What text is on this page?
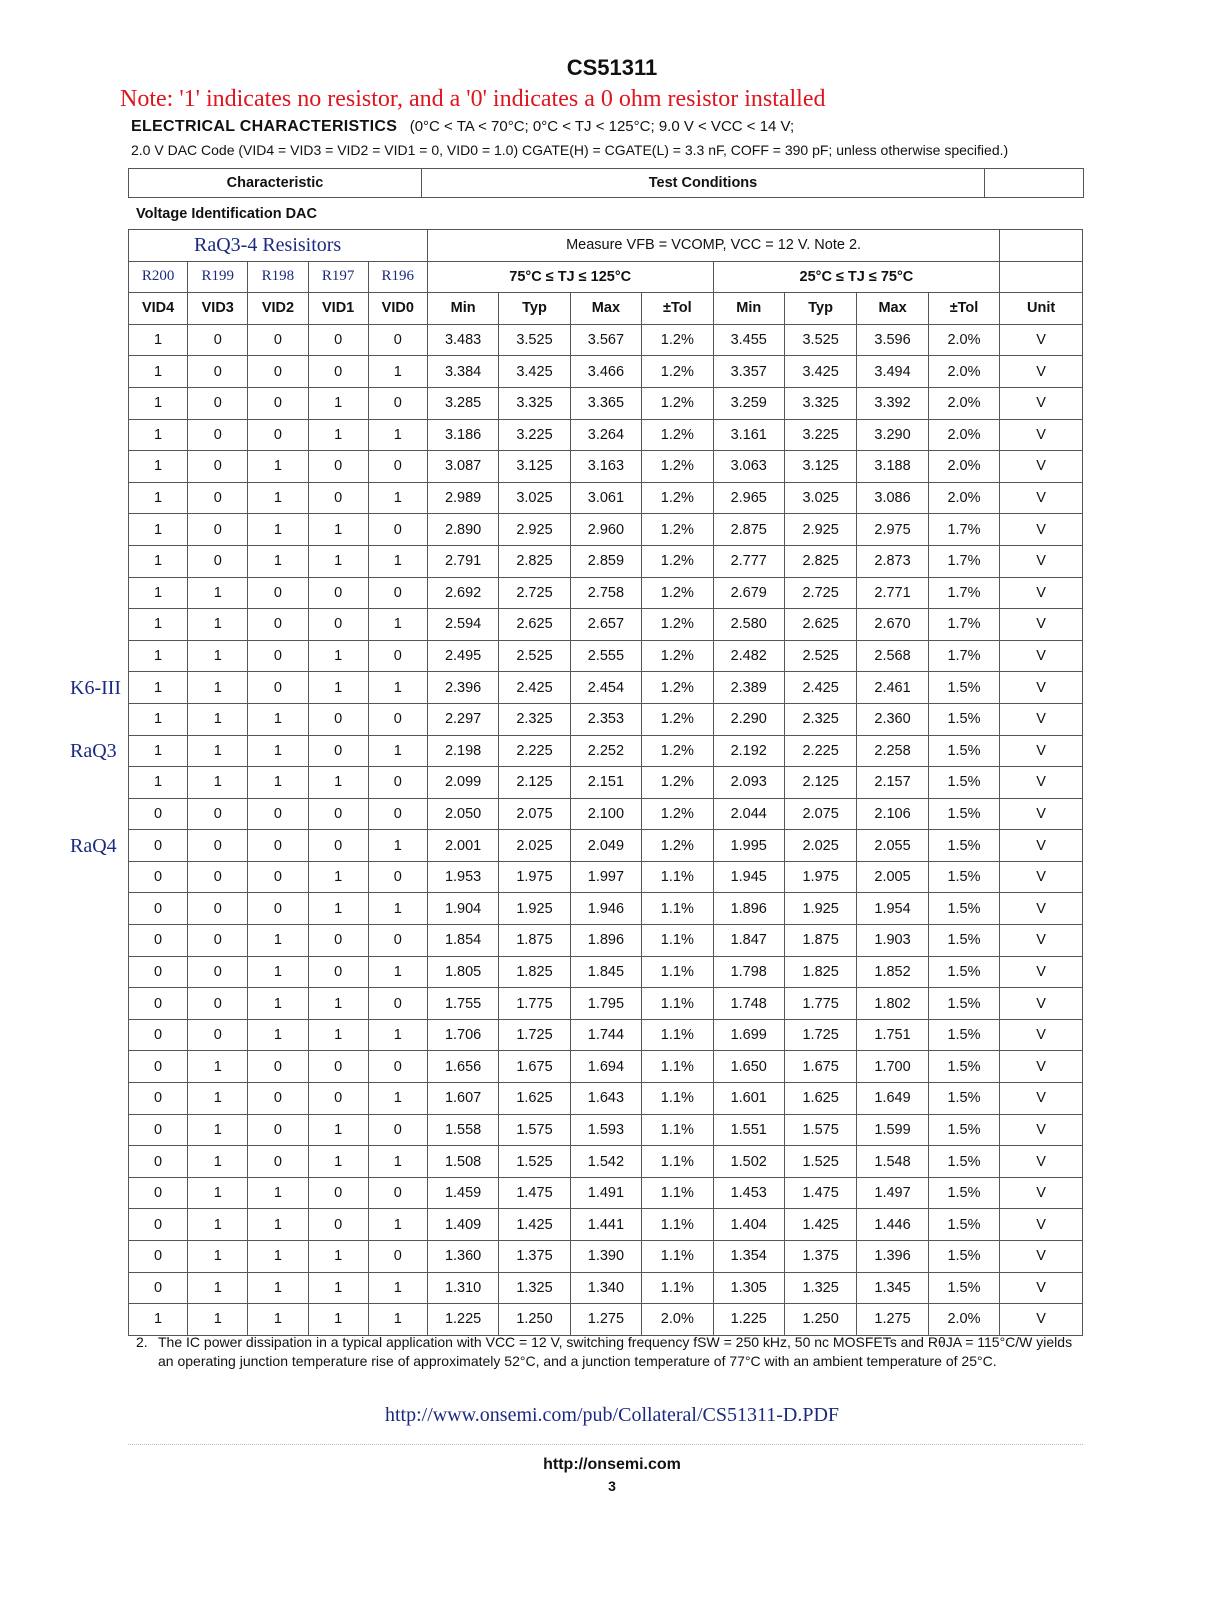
CS51311
Note: '1' indicates no resistor, and a '0' indicates a 0 ohm resistor installed
ELECTRICAL CHARACTERISTICS (0°C < TA < 70°C; 0°C < TJ < 125°C; 9.0 V < VCC < 14 V;
2.0 V DAC Code (VID4 = VID3 = VID2 = VID1 = 0, VID0 = 1.0) CGATE(H) = CGATE(L) = 3.3 nF, COFF = 390 pF; unless otherwise specified.)
Characteristic	Test Conditions	
Voltage Identification DAC
RaQ3-4 Resisitors					Measure VFB = VCOMP, VCC = 12 V. Note 2.								
R200	R199	R198	R197	R196	75°C ≤ TJ ≤ 125°C				25°C ≤ TJ ≤ 75°C				
VID4	VID3	VID2	VID1	VID0	Min	Typ	Max	±Tol	Min	Typ	Max	±Tol	Unit
1	0	0	0	0	3.483	3.525	3.567	1.2%	3.455	3.525	3.596	2.0%	V
1	0	0	0	1	3.384	3.425	3.466	1.2%	3.357	3.425	3.494	2.0%	V
1	0	0	1	0	3.285	3.325	3.365	1.2%	3.259	3.325	3.392	2.0%	V
1	0	0	1	1	3.186	3.225	3.264	1.2%	3.161	3.225	3.290	2.0%	V
1	0	1	0	0	3.087	3.125	3.163	1.2%	3.063	3.125	3.188	2.0%	V
1	0	1	0	1	2.989	3.025	3.061	1.2%	2.965	3.025	3.086	2.0%	V
1	0	1	1	0	2.890	2.925	2.960	1.2%	2.875	2.925	2.975	1.7%	V
1	0	1	1	1	2.791	2.825	2.859	1.2%	2.777	2.825	2.873	1.7%	V
1	1	0	0	0	2.692	2.725	2.758	1.2%	2.679	2.725	2.771	1.7%	V
1	1	0	0	1	2.594	2.625	2.657	1.2%	2.580	2.625	2.670	1.7%	V
1	1	0	1	0	2.495	2.525	2.555	1.2%	2.482	2.525	2.568	1.7%	V
1	1	0	1	1	2.396	2.425	2.454	1.2%	2.389	2.425	2.461	1.5%	V
1	1	1	0	0	2.297	2.325	2.353	1.2%	2.290	2.325	2.360	1.5%	V
1	1	1	0	1	2.198	2.225	2.252	1.2%	2.192	2.225	2.258	1.5%	V
1	1	1	1	0	2.099	2.125	2.151	1.2%	2.093	2.125	2.157	1.5%	V
0	0	0	0	0	2.050	2.075	2.100	1.2%	2.044	2.075	2.106	1.5%	V
0	0	0	0	1	2.001	2.025	2.049	1.2%	1.995	2.025	2.055	1.5%	V
0	0	0	1	0	1.953	1.975	1.997	1.1%	1.945	1.975	2.005	1.5%	V
0	0	0	1	1	1.904	1.925	1.946	1.1%	1.896	1.925	1.954	1.5%	V
0	0	1	0	0	1.854	1.875	1.896	1.1%	1.847	1.875	1.903	1.5%	V
0	0	1	0	1	1.805	1.825	1.845	1.1%	1.798	1.825	1.852	1.5%	V
0	0	1	1	0	1.755	1.775	1.795	1.1%	1.748	1.775	1.802	1.5%	V
0	0	1	1	1	1.706	1.725	1.744	1.1%	1.699	1.725	1.751	1.5%	V
0	1	0	0	0	1.656	1.675	1.694	1.1%	1.650	1.675	1.700	1.5%	V
0	1	0	0	1	1.607	1.625	1.643	1.1%	1.601	1.625	1.649	1.5%	V
0	1	0	1	0	1.558	1.575	1.593	1.1%	1.551	1.575	1.599	1.5%	V
0	1	0	1	1	1.508	1.525	1.542	1.1%	1.502	1.525	1.548	1.5%	V
0	1	1	0	0	1.459	1.475	1.491	1.1%	1.453	1.475	1.497	1.5%	V
0	1	1	0	1	1.409	1.425	1.441	1.1%	1.404	1.425	1.446	1.5%	V
0	1	1	1	0	1.360	1.375	1.390	1.1%	1.354	1.375	1.396	1.5%	V
0	1	1	1	1	1.310	1.325	1.340	1.1%	1.305	1.325	1.345	1.5%	V
1	1	1	1	1	1.225	1.250	1.275	2.0%	1.225	1.250	1.275	2.0%	V
K6-III
RaQ3
RaQ4
2. The IC power dissipation in a typical application with VCC = 12 V, switching frequency fSW = 250 kHz, 50 nc MOSFETs and RθJA = 115°C/W yields an operating junction temperature rise of approximately 52°C, and a junction temperature of 77°C with an ambient temperature of 25°C.
http://www.onsemi.com/pub/Collateral/CS51311-D.PDF
http://onsemi.com
3
